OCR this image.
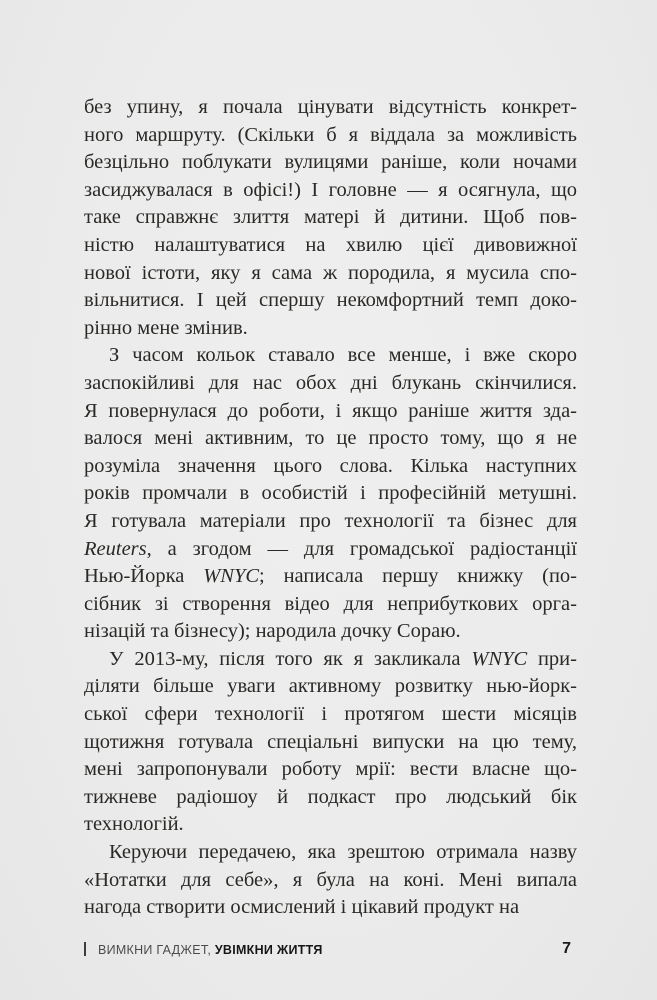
без упину, я почала цінувати відсутність конкрет-
ного маршруту. (Скільки б я віддала за можливість
безцільно поблукати вулицями раніше, коли ночами
засиджувалася в офісі!) І головне — я осягнула, що
таке справжнє злиття матері й дитини. Щоб пов-
ністю налаштуватися на хвилю цієї дивовижної
нової істоти, яку я сама ж породила, я мусила спо-
вільнитися. І цей спершу некомфортний темп доко-
рінно мене змінив.
З часом кольок ставало все менше, і вже скоро
заспокійливі для нас обох дні блукань скінчилися.
Я повернулася до роботи, і якщо раніше життя зда-
валося мені активним, то це просто тому, що я не
розуміла значення цього слова. Кілька наступних
років промчали в особистій і професійній метушні.
Я готувала матеріали про технології та бізнес для
Reuters, а згодом — для громадської радіостанції
Нью-Йорка WNYC; написала першу книжку (по-
сібник зі створення відео для неприбуткових орга-
нізацій та бізнесу); народила дочку Сораю.
У 2013-му, після того як я закликала WNYC при-
діляти більше уваги активному розвитку нью-йорк-
ської сфери технології і протягом шести місяців
щотижня готувала спеціальні випуски на цю тему,
мені запропонували роботу мрії: вести власне що-
тижневе радіошоу й подкаст про людський бік
технологій.
Керуючи передачею, яка зрештою отримала назву
«Нотатки для себе», я була на коні. Мені випала
нагода створити осмислений і цікавий продукт на
ВИМКНИ ГАДЖЕТ, УВІМКНИ ЖИТТЯ	7
